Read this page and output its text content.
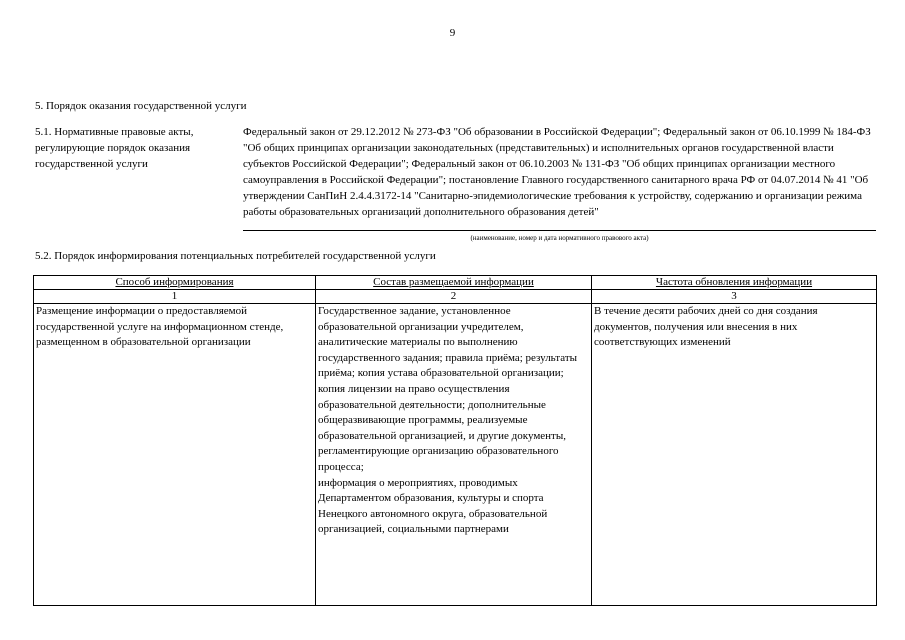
9
5. Порядок оказания государственной услуги
5.1. Нормативные правовые акты, регулирующие порядок оказания государственной услуги
Федеральный закон от 29.12.2012 № 273-ФЗ "Об образовании в Российской Федерации"; Федеральный закон от 06.10.1999 № 184-ФЗ "Об общих принципах организации законодательных (представительных) и исполнительных органов государственной власти субъектов Российской Федерации"; Федеральный закон от 06.10.2003 № 131-ФЗ "Об общих принципах организации местного самоуправления в Российской Федерации"; постановление Главного государственного санитарного врача РФ от 04.07.2014 № 41 "Об утверждении СанПиН 2.4.4.3172-14 "Санитарно-эпидемиологические требования к устройству, содержанию и организации режима работы образовательных организаций дополнительного образования детей"
(наименование, номер и дата нормативного правового акта)
5.2. Порядок информирования потенциальных потребителей государственной услуги
Способ информирования	Состав размещаемой информации	Частота обновления информации
1	2	3
Размещение информации о предоставляемой государственной услуге на информационном стенде, размещенном в образовательной организации	Государственное задание, установленное образовательной организации учредителем, аналитические материалы по выполнению государственного задания; правила приёма; результаты приёма; копия устава образовательной организации;
копия лицензии на право осуществления образовательной деятельности; дополнительные общеразвивающие программы, реализуемые образовательной организацией, и другие документы, регламентирующие организацию образовательного процесса;
информация о мероприятиях, проводимых Департаментом образования, культуры и спорта Ненецкого автономного округа, образовательной организацией, социальными партнерами	В течение десяти рабочих дней со дня создания документов, получения или внесения в них соответствующих изменений
